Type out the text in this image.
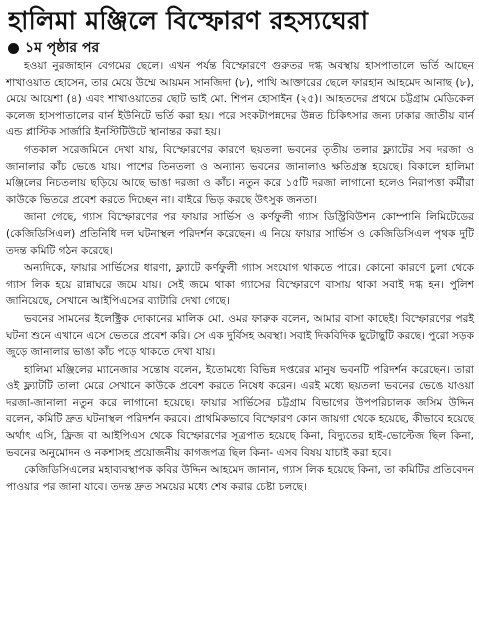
হালিমা মঞ্জিলে বিস্ফোরণ রহস্যঘেরা
১ম পৃষ্ঠার পর

হওয়া নুরজাহান বেগমের ছেলে। এখন পর্যন্ত বিস্ফোরণে গুরুতর দগ্ধ অবস্থায় হাসপাতালে ভর্তি আছেন শাখাওয়াত হোসেন, তার মেয়ে উম্মে আয়মন সানজিদা (৮), পাখি আক্তারের ছেলে ফারহান আহমেদ আনাছ (৮), মেয়ে আয়েশা (৪) এবং শাখাওয়াতের ছোট ভাই মো. শিপন হোসাইন (২৫)। আহতদের প্রথমে চট্টগ্রাম মেডিকেল কলেজ হাসপাতালের বার্ন ইউনিটে ভর্তি করা হয়। পরে সংকটাপন্নদের উন্নত চিকিৎসার জন্য ঢাকার জাতীয় বার্ন এন্ড প্লাস্টিক সার্জারি ইনস্টিটিউটে স্থানান্তর করা হয়।

গতকাল সরেজমিনে দেখা যায়, বিস্ফোরণের কারণে ছয়তলা ভবনের তৃতীয় তলার ফ্ল্যাটের সব দরজা ও জানালার কাঁচ ভেঙে যায়। পাশের তিনতলা ও অন্যান্য ভবনের জানালাও ক্ষতিগ্রস্ত হয়েছে। বিকালে হালিমা মঞ্জিলের নিচতলায় ছড়িয়ে আছে ভাঙা দরজা ও কাঁচ। নতুন করে ১৫টি দরজা লাগানো হলেও নিরাপত্তা কর্মীরা কাউকে ভিতরে প্রবেশ করতে দিচ্ছেন না। বাইরে ভিড় করছে উৎসুক জনতা।

জানা গেছে, গ্যাস বিস্ফোরণের পর ফায়ার সার্ভিস ও কর্ণফুলী গ্যাস ডিস্ট্রিবিউশন কোম্পানি লিমিটেডের (কেজিডিসিএল) প্রতিনিধি দল ঘটনাস্থল পরিদর্শন করেছেন। এ নিয়ে ফায়ার সার্ভিস ও কেজিডিসিএল পৃথক দুটি তদন্ত কমিটি গঠন করেছে।

অন্যদিকে, ফায়ার সার্ভিসের ধারণা, ফ্ল্যাটে কর্ণফুলী গ্যাস সংযোগ থাকতে পারে। কোনো কারণে চুলা থেকে গ্যাস লিক হয়ে রান্নাঘরে জমে যায়। সেই জমে থাকা গ্যাসের বিস্ফোরণে বাসায় থাকা সবাই দগ্ধ হন। পুলিশ জানিয়েছে, সেখানে আইপিএসের ব্যাটারি দেখা গেছে।

ভবনের সামনের ইলেক্ট্রিক দোকানের মালিক মো. ওমর ফারুক বলেন, আমার বাসা কাছেই। বিস্ফোরণের পরই ঘটনা শুনে এখানে এসে ভেতরে প্রবেশ করি। সে এক দুর্বিসহ অবস্থা। সবাই দিকবিদিক ছুটোছুটি করছে। পুরো সড়ক জুড়ে জানালার ভাঙা কাঁচ পড়ে থাকতে দেখা যায়।

হালিমা মঞ্জিলের ম্যানেজার সন্তোষ বলেন, ইতোমধ্যে বিভিন্ন দপ্তরের মানুষ ভবনটি পরিদর্শন করেছেন। তারা ওই ফ্ল্যাটটি তালা মেরে সেখানে কাউকে প্রবেশ করতে নিষেধ করেন। এরই মধ্যে ছয়তলা ভবনের ভেঙে যাওয়া দরজা-জানালা নতুন করে লাগানো হয়েছে। ফায়ার সার্ভিসের চট্টগ্রাম বিভাগের উপপরিচালক জসিম উদ্দিন বলেন, কমিটি দ্রুত ঘটনাস্থল পরিদর্শন করবে। প্রাথমিকভাবে বিস্ফোরণ কোন জায়গা থেকে হয়েছে, কীভাবে হয়েছে অর্থাৎ এসি, ফ্রিজ বা আইপিএস থেকে বিস্ফোরণের সূত্রপাত হয়েছে কিনা, বিদ্যুতের হাই-ভোল্টেজ ছিল কিনা, ভবনের অনুমোদন ও নকশাসহ প্রয়োজনীয় কাগজপত্র ছিল কিনা- এসব বিষয় যাচাই করা হবে।

কেজিডিসিএলের মহাব্যবস্থাপক কবির উদ্দিন আহমেদ জানান, গ্যাস লিক হয়েছে কিনা, তা কমিটির প্রতিবেদন পাওয়ার পর জানা যাবে। তদন্ত দ্রুত সময়ের মধ্যে শেষ করার চেষ্টা চলছে।
